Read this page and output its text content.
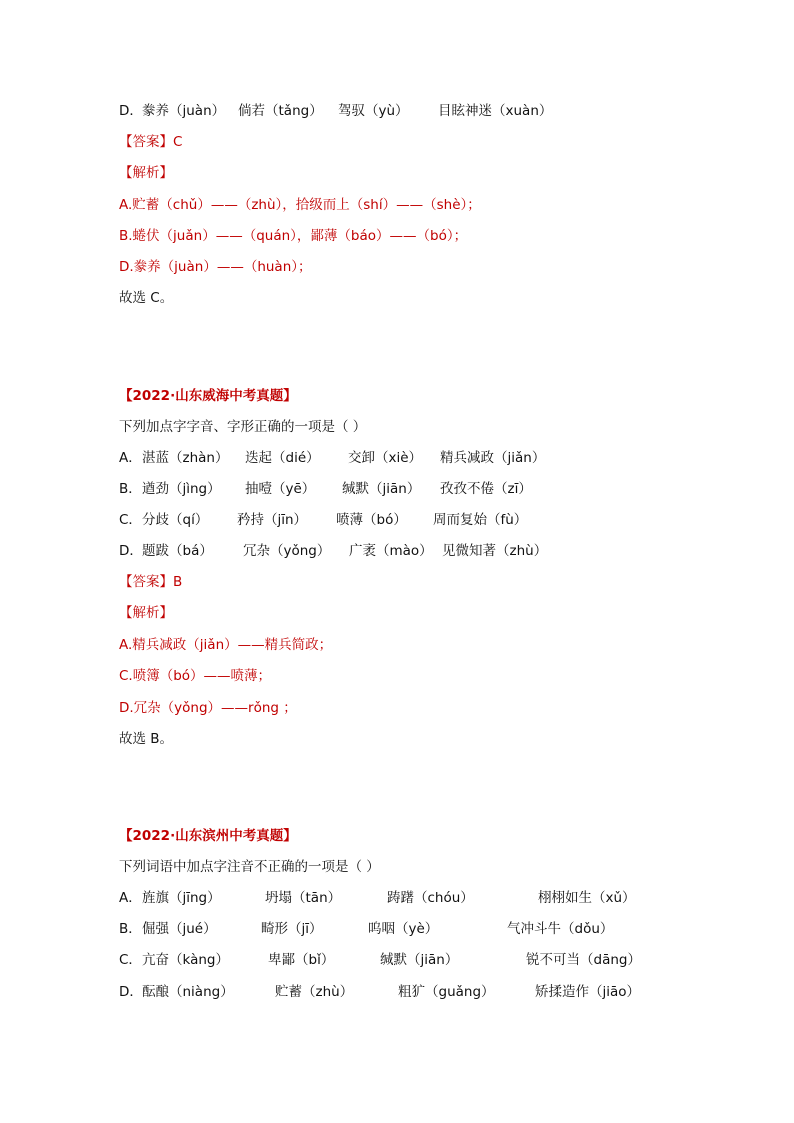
D． 豢养（juàn） 倘若（tǎng）	驾驭（yù）	目眩神迷（xuàn）
【答案】C
【解析】
A.贮蓄（chǔ）——（zhù），拾级而上（shí）——（shè）；
B.蜷伏（juǎn）——（quán），鄙薄（báo）——（bó）；
D.豢养（juàn）——（huàn）；
故选 C。
【2022·山东威海中考真题】
下列加点字字音、字形正确的一项是（ ）
A． 湛蓝（zhàn）	迭起（dié）	交卸（xiè）	精兵减政（jiǎn）
B． 遒劲（jìng）	抽噎（yē）	缄默（jiān）	孜孜不倦（zī）
C． 分歧（qí）	矜持（jīn）	喷薄（bó）	周而复始（fù）
D． 题跋（bá）	冗杂（yǒng）	广袤（mào） 见微知著（zhù）
【答案】B
【解析】
A.精兵减政（jiǎn）——精兵简政；
C.喷簿（bó）——喷薄；
D.冗杂（yǒng）——rǒng ；
故选 B。
【2022·山东滨州中考真题】
下列词语中加点字注音不正确的一项是（ ）
A． 旌旗（jīng）	坍塌（tān）	踌躇（chóu）	栩栩如生（xǔ）
B． 倔强（jué）	畸形（jī）	呜咽（yè）	气冲斗牛（dǒu）
C． 亢奋（kàng）	卑鄙（bǐ）	缄默（jiān）	锐不可当（dāng）
D． 酝酿（niàng）	贮蓄（zhù）	粗犷（guǎng）	矫揉造作（jiāo）
